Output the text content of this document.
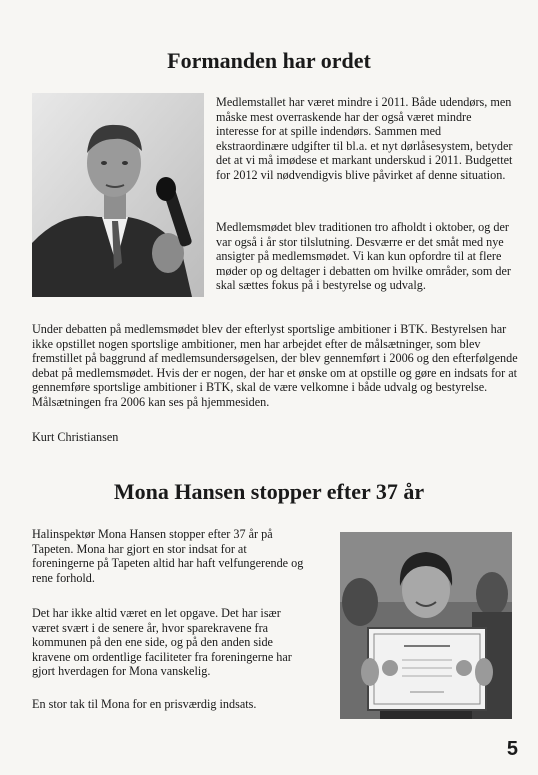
Formanden har ordet

Medlemstallet har været mindre i 2011. Både udendørs, men måske mest overraskende har der også været mindre interesse for at spille indendørs. Sammen med ekstraordinære udgifter til bl.a. et nyt dørlåsesystem, betyder det at vi må imødese et markant underskud i 2011. Budgettet for 2012 vil nødvendigvis blive påvirket af denne situation.

Medlemsmødet blev traditionen tro afholdt i oktober, og der var også i år stor tilslutning. Desværre er det småt med nye ansigter på medlemsmødet. Vi kan kun opfordre til at flere møder op og deltager i debatten om hvilke områder, som der skal sættes fokus på i bestyrelse og udvalg.

Under debatten på medlemsmødet blev der efterlyst sportslige ambitioner i BTK. Bestyrelsen har ikke opstillet nogen sportslige ambitioner, men har arbejdet efter de målsætninger, som blev fremstillet på baggrund af medlemsundersøgelsen, der blev gennemført i 2006 og den efterfølgende debat på medlemsmødet. Hvis der er nogen, der har et ønske om at opstille og gøre en indsats for at gennemføre sportslige ambitioner i BTK, skal de være velkomne i både udvalg og bestyrelse. Målsætningen fra 2006 kan ses på hjemmesiden.

Kurt Christiansen

Mona Hansen stopper efter 37 år

Halinspektør Mona Hansen stopper efter 37 år på Tapeten. Mona har gjort en stor indsat for at foreningerne på Tapeten altid har haft velfungerende og rene forhold.

Det har ikke altid været en let opgave. Det har især været svært i de senere år, hvor sparekravene fra kommunen på den ene side, og på den anden side kravene om ordentlige faciliteter fra foreningerne har gjort hverdagen for Mona vanskelig.

En stor tak til Mona for en prisværdig indsats.

5
